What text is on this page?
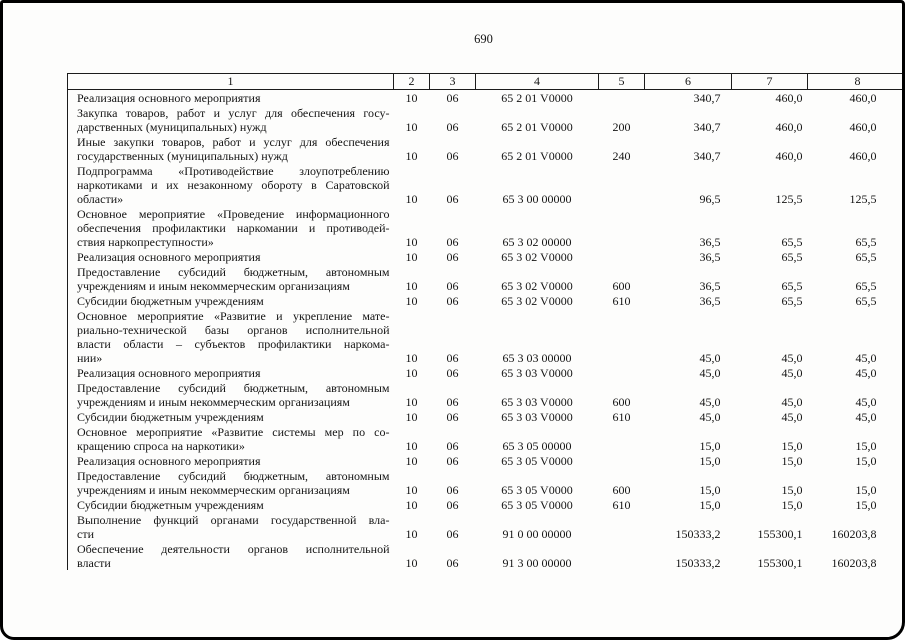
690
1	2	3	4	5	6	7	8

Реализация основного мероприятия	10	06	65 2 01 V0000		340,7	460,0	460,0

Закупка товаров, работ и услуг для обеспечения госу-
дарственных (муниципальных) нужд	10	06	65 2 01 V0000	200	340,7	460,0	460,0

Иные закупки товаров, работ и услуг для обеспечения
государственных (муниципальных) нужд	10	06	65 2 01 V0000	240	340,7	460,0	460,0

Подпрограмма «Противодействие злоупотреблению
наркотиками и их незаконному обороту в Саратовской
области»	10	06	65 3 00 00000		96,5	125,5	125,5

Основное мероприятие «Проведение информационного
обеспечения профилактики наркомании и противодей-
ствия наркопреступности»	10	06	65 3 02 00000		36,5	65,5	65,5

Реализация основного мероприятия	10	06	65 3 02 V0000		36,5	65,5	65,5

Предоставление субсидий бюджетным, автономным
учреждениям и иным некоммерческим организациям	10	06	65 3 02 V0000	600	36,5	65,5	65,5

Субсидии бюджетным учреждениям	10	06	65 3 02 V0000	610	36,5	65,5	65,5

Основное мероприятие «Развитие и укрепление мате-
риально-технической базы органов исполнительной
власти области – субъектов профилактики наркома-
нии»	10	06	65 3 03 00000		45,0	45,0	45,0

Реализация основного мероприятия	10	06	65 3 03 V0000		45,0	45,0	45,0

Предоставление субсидий бюджетным, автономным
учреждениям и иным некоммерческим организациям	10	06	65 3 03 V0000	600	45,0	45,0	45,0

Субсидии бюджетным учреждениям	10	06	65 3 03 V0000	610	45,0	45,0	45,0

Основное мероприятие «Развитие системы мер по со-
кращению спроса на наркотики»	10	06	65 3 05 00000		15,0	15,0	15,0

Реализация основного мероприятия	10	06	65 3 05 V0000		15,0	15,0	15,0

Предоставление субсидий бюджетным, автономным
учреждениям и иным некоммерческим организациям	10	06	65 3 05 V0000	600	15,0	15,0	15,0

Субсидии бюджетным учреждениям	10	06	65 3 05 V0000	610	15,0	15,0	15,0

Выполнение функций органами государственной вла-
сти	10	06	91 0 00 00000		150333,2	155300,1	160203,8

Обеспечение деятельности органов исполнительной
власти	10	06	91 3 00 00000		150333,2	155300,1	160203,8
